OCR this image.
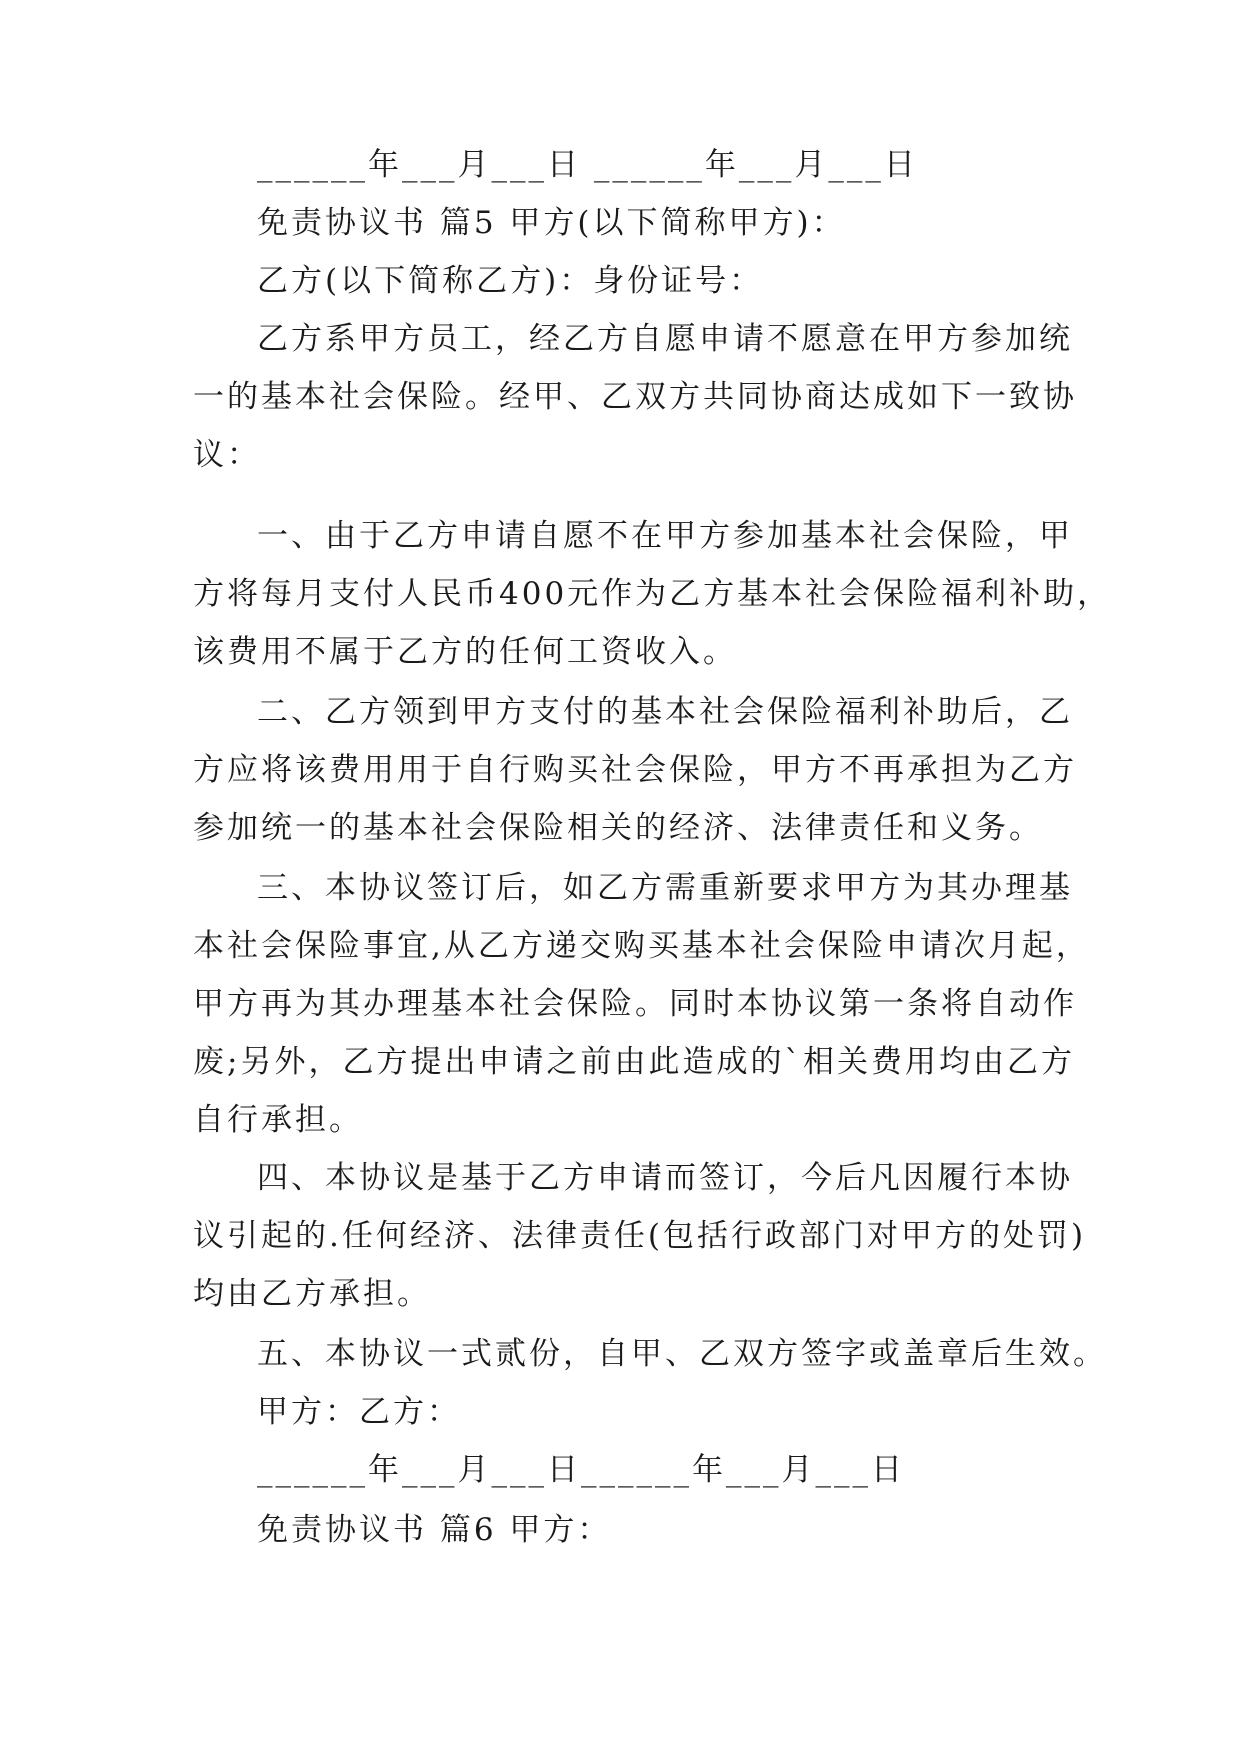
______年___月___日 ______年___月___日
免责协议书 篇5 甲方(以下简称甲方)：
乙方(以下简称乙方)：身份证号：
乙方系甲方员工，经乙方自愿申请不愿意在甲方参加统
一的基本社会保险。经甲、乙双方共同协商达成如下一致协
议：
一、由于乙方申请自愿不在甲方参加基本社会保险，甲
方将每月支付人民币400元作为乙方基本社会保险福利补助，
该费用不属于乙方的任何工资收入。
二、乙方领到甲方支付的基本社会保险福利补助后，乙
方应将该费用用于自行购买社会保险，甲方不再承担为乙方
参加统一的基本社会保险相关的经济、法律责任和义务。
三、本协议签订后，如乙方需重新要求甲方为其办理基
本社会保险事宜,从乙方递交购买基本社会保险申请次月起，
甲方再为其办理基本社会保险。同时本协议第一条将自动作
废;另外，乙方提出申请之前由此造成的`相关费用均由乙方
自行承担。
四、本协议是基于乙方申请而签订，今后凡因履行本协
议引起的.任何经济、法律责任(包括行政部门对甲方的处罚)
均由乙方承担。
五、本协议一式贰份，自甲、乙双方签字或盖章后生效。
甲方：乙方：
______年___月___日______年___月___日
免责协议书 篇6 甲方：
